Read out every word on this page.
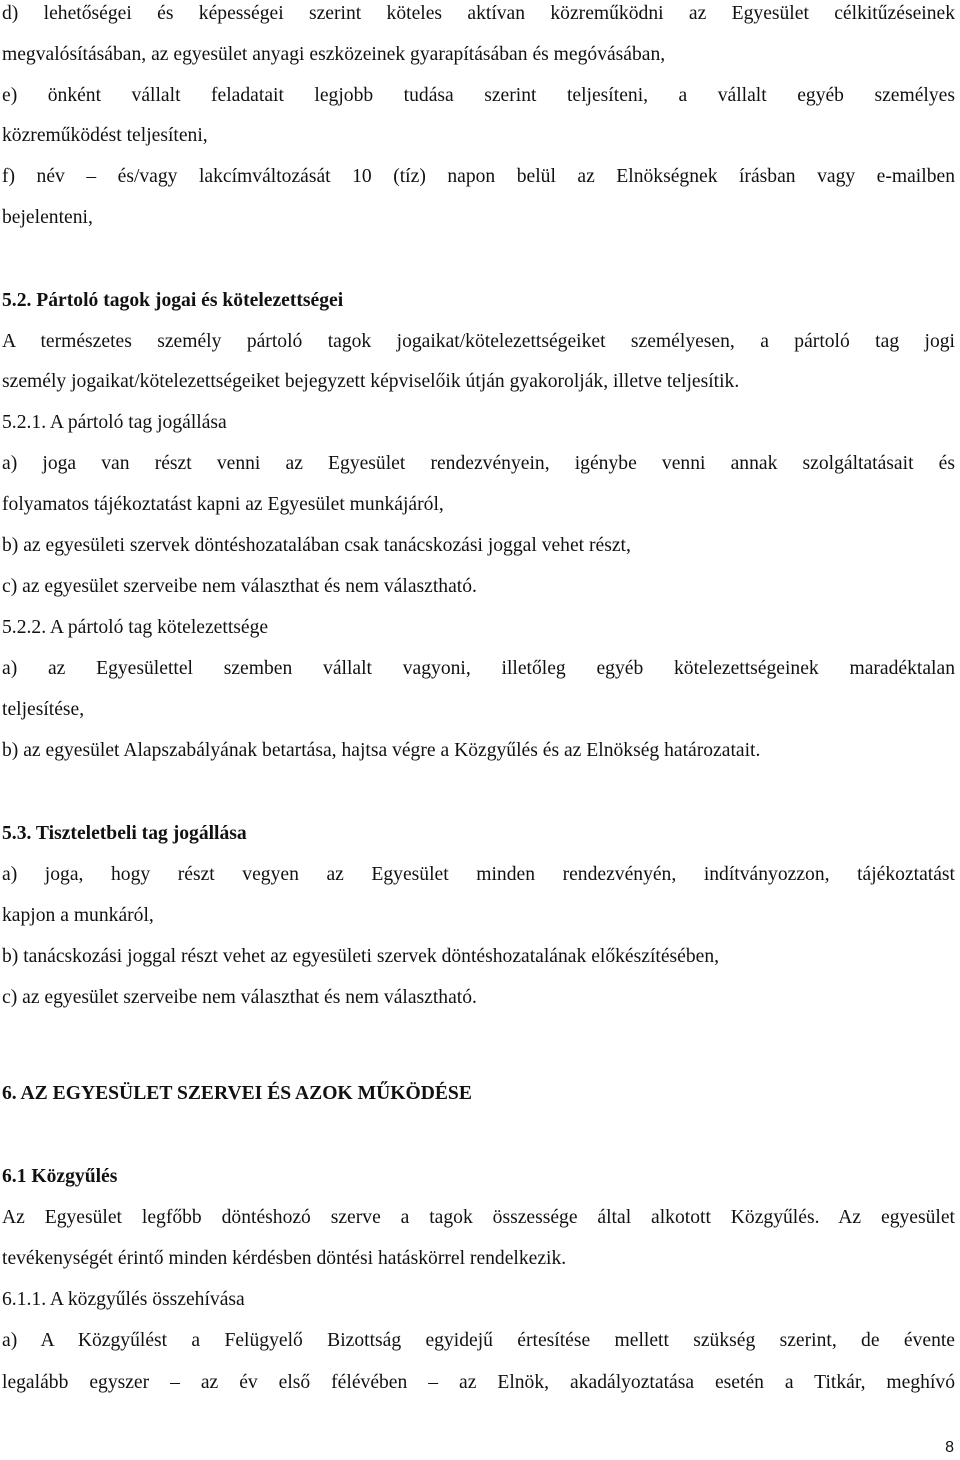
d) lehetőségei és képességei szerint köteles aktívan közreműködni az Egyesület célkitűzéseinek
megvalósításában, az egyesület anyagi eszközeinek gyarapításában és megóvásában,
e) önként vállalt feladatait legjobb tudása szerint teljesíteni, a vállalt egyéb személyes
közreműködést teljesíteni,
f) név – és/vagy lakcímváltozását 10 (tíz) napon belül az Elnökségnek írásban vagy e-mailben
bejelenteni,
5.2. Pártoló tagok jogai és kötelezettségei
A természetes személy pártoló tagok jogaikat/kötelezettségeiket személyesen, a pártoló tag jogi
személy jogaikat/kötelezettségeiket bejegyzett képviselőik útján gyakorolják, illetve teljesítik.
5.2.1. A pártoló tag jogállása
a) joga van részt venni az Egyesület rendezvényein, igénybe venni annak szolgáltatásait és
folyamatos tájékoztatást kapni az Egyesület munkájáról,
b) az egyesületi szervek döntéshozatalában csak tanácskozási joggal vehet részt,
c) az egyesület szerveibe nem választhat és nem választható.
5.2.2. A pártoló tag kötelezettsége
a) az Egyesülettel szemben vállalt vagyoni, illetőleg egyéb kötelezettségeinek maradéktalan
teljesítése,
b) az egyesület Alapszabályának betartása, hajtsa végre a Közgyűlés és az Elnökség határozatait.
5.3. Tiszteletbeli tag jogállása
a) joga, hogy részt vegyen az Egyesület minden rendezvényén, indítványozzon, tájékoztatást
kapjon a munkáról,
b) tanácskozási joggal részt vehet az egyesületi szervek döntéshozatalának előkészítésében,
c) az egyesület szerveibe nem választhat és nem választható.
6. AZ EGYESÜLET SZERVEI ÉS AZOK MŰKÖDÉSE
6.1 Közgyűlés
Az Egyesület legfőbb döntéshozó szerve a tagok összessége által alkotott Közgyűlés. Az egyesület
tevékenységét érintő minden kérdésben döntési hatáskörrel rendelkezik.
6.1.1. A közgyűlés összehívása
a) A Közgyűlést a Felügyelő Bizottság egyidejű értesítése mellett szükség szerint, de évente
legalább egyszer – az év első félévében – az Elnök, akadályoztatása esetén a Titkár, meghívó
8
